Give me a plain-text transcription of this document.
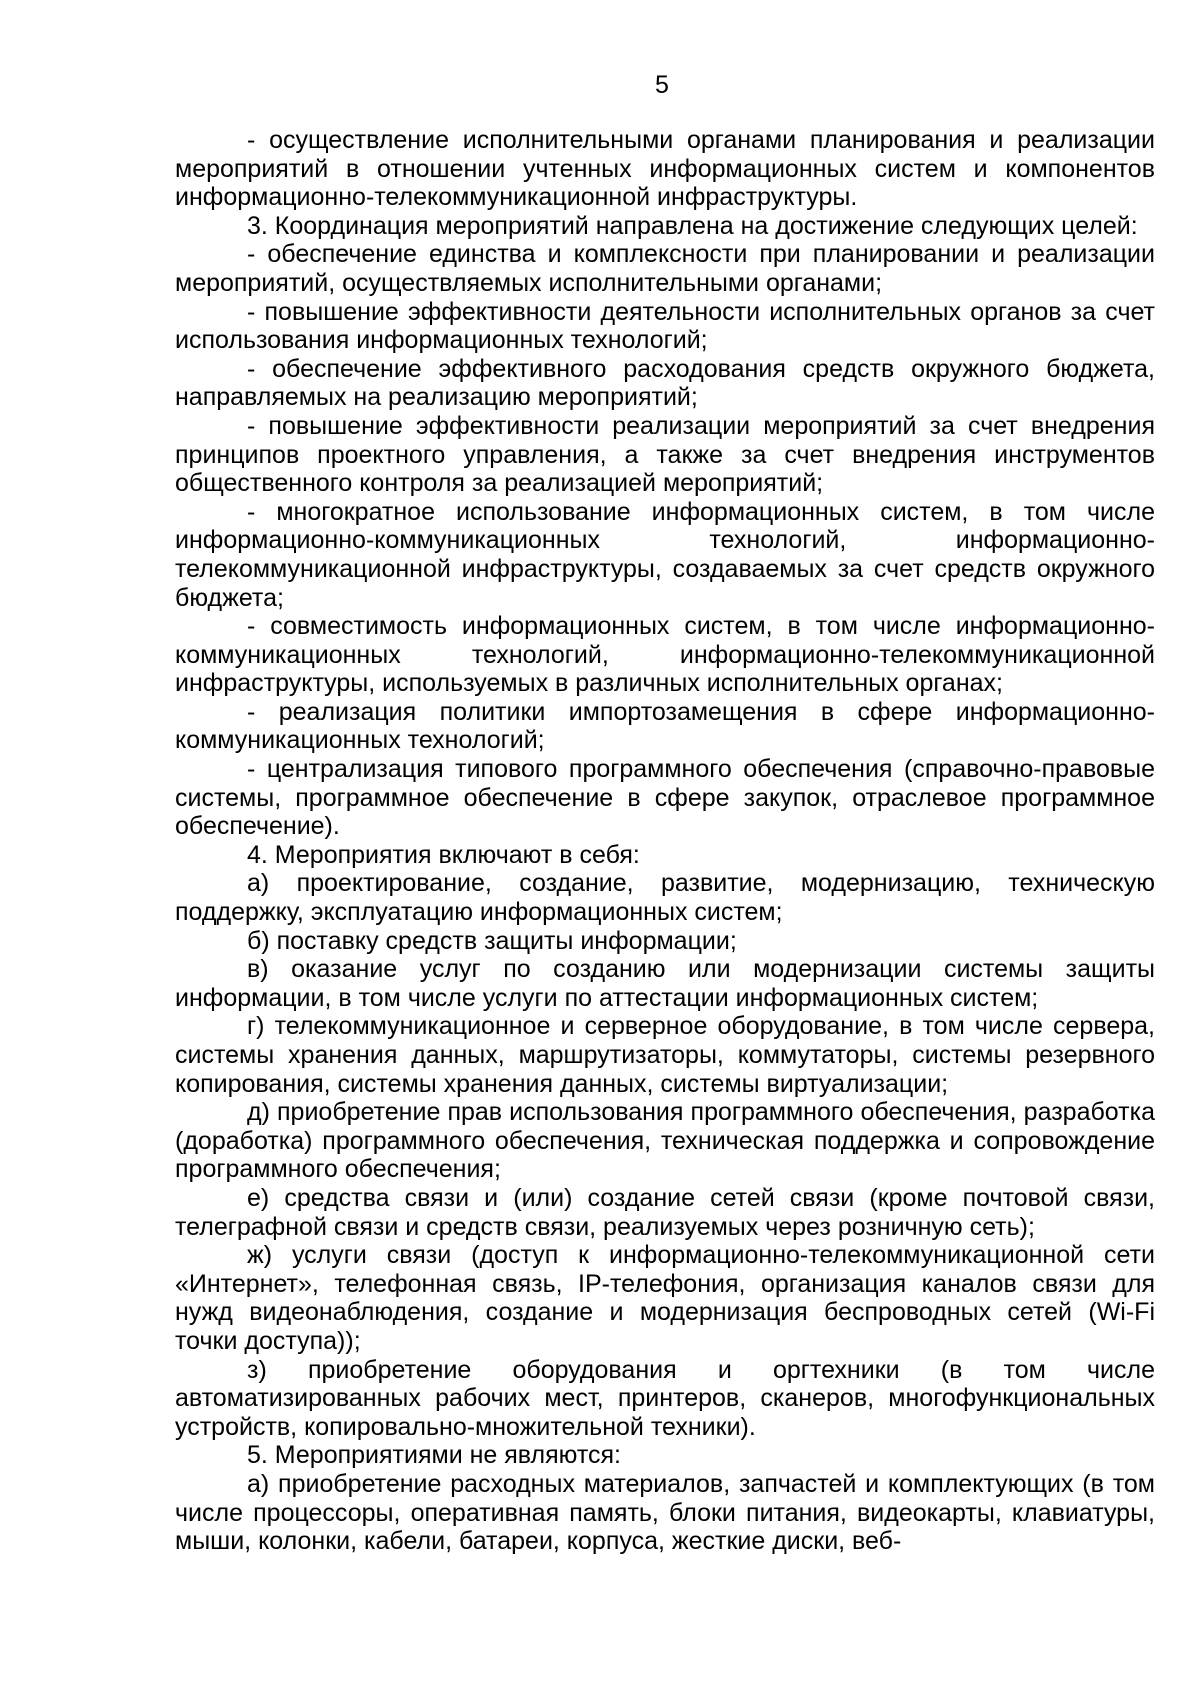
5

- осуществление исполнительными органами планирования и реализации мероприятий в отношении учтенных информационных систем и компонентов информационно-телекоммуникационной инфраструктуры.

3. Координация мероприятий направлена на достижение следующих целей:

- обеспечение единства и комплексности при планировании и реализации мероприятий, осуществляемых исполнительными органами;

- повышение эффективности деятельности исполнительных органов за счет использования информационных технологий;

- обеспечение эффективного расходования средств окружного бюджета, направляемых на реализацию мероприятий;

- повышение эффективности реализации мероприятий за счет внедрения принципов проектного управления, а также за счет внедрения инструментов общественного контроля за реализацией мероприятий;

- многократное использование информационных систем, в том числе информационно-коммуникационных технологий, информационно-телекоммуникационной инфраструктуры, создаваемых за счет средств окружного бюджета;

- совместимость информационных систем, в том числе информационно-коммуникационных технологий, информационно-телекоммуникационной инфраструктуры, используемых в различных исполнительных органах;

- реализация политики импортозамещения в сфере информационно-коммуникационных технологий;

- централизация типового программного обеспечения (справочно-правовые системы, программное обеспечение в сфере закупок, отраслевое программное обеспечение).

4. Мероприятия включают в себя:

а) проектирование, создание, развитие, модернизацию, техническую поддержку, эксплуатацию информационных систем;

б) поставку средств защиты информации;

в) оказание услуг по созданию или модернизации системы защиты информации, в том числе услуги по аттестации информационных систем;

г) телекоммуникационное и серверное оборудование, в том числе сервера, системы хранения данных, маршрутизаторы, коммутаторы, системы резервного копирования, системы хранения данных, системы виртуализации;

д) приобретение прав использования программного обеспечения, разработка (доработка) программного обеспечения, техническая поддержка и сопровождение программного обеспечения;

е) средства связи и (или) создание сетей связи (кроме почтовой связи, телеграфной связи и средств связи, реализуемых через розничную сеть);

ж) услуги связи (доступ к информационно-телекоммуникационной сети «Интернет», телефонная связь, IP-телефония, организация каналов связи для нужд видеонаблюдения, создание и модернизация беспроводных сетей (Wi-Fi точки доступа));

з) приобретение оборудования и оргтехники (в том числе автоматизированных рабочих мест, принтеров, сканеров, многофункциональных устройств, копировально-множительной техники).

5. Мероприятиями не являются:

а) приобретение расходных материалов, запчастей и комплектующих (в том числе процессоры, оперативная память, блоки питания, видеокарты, клавиатуры, мыши, колонки, кабели, батареи, корпуса, жесткие диски, веб-
